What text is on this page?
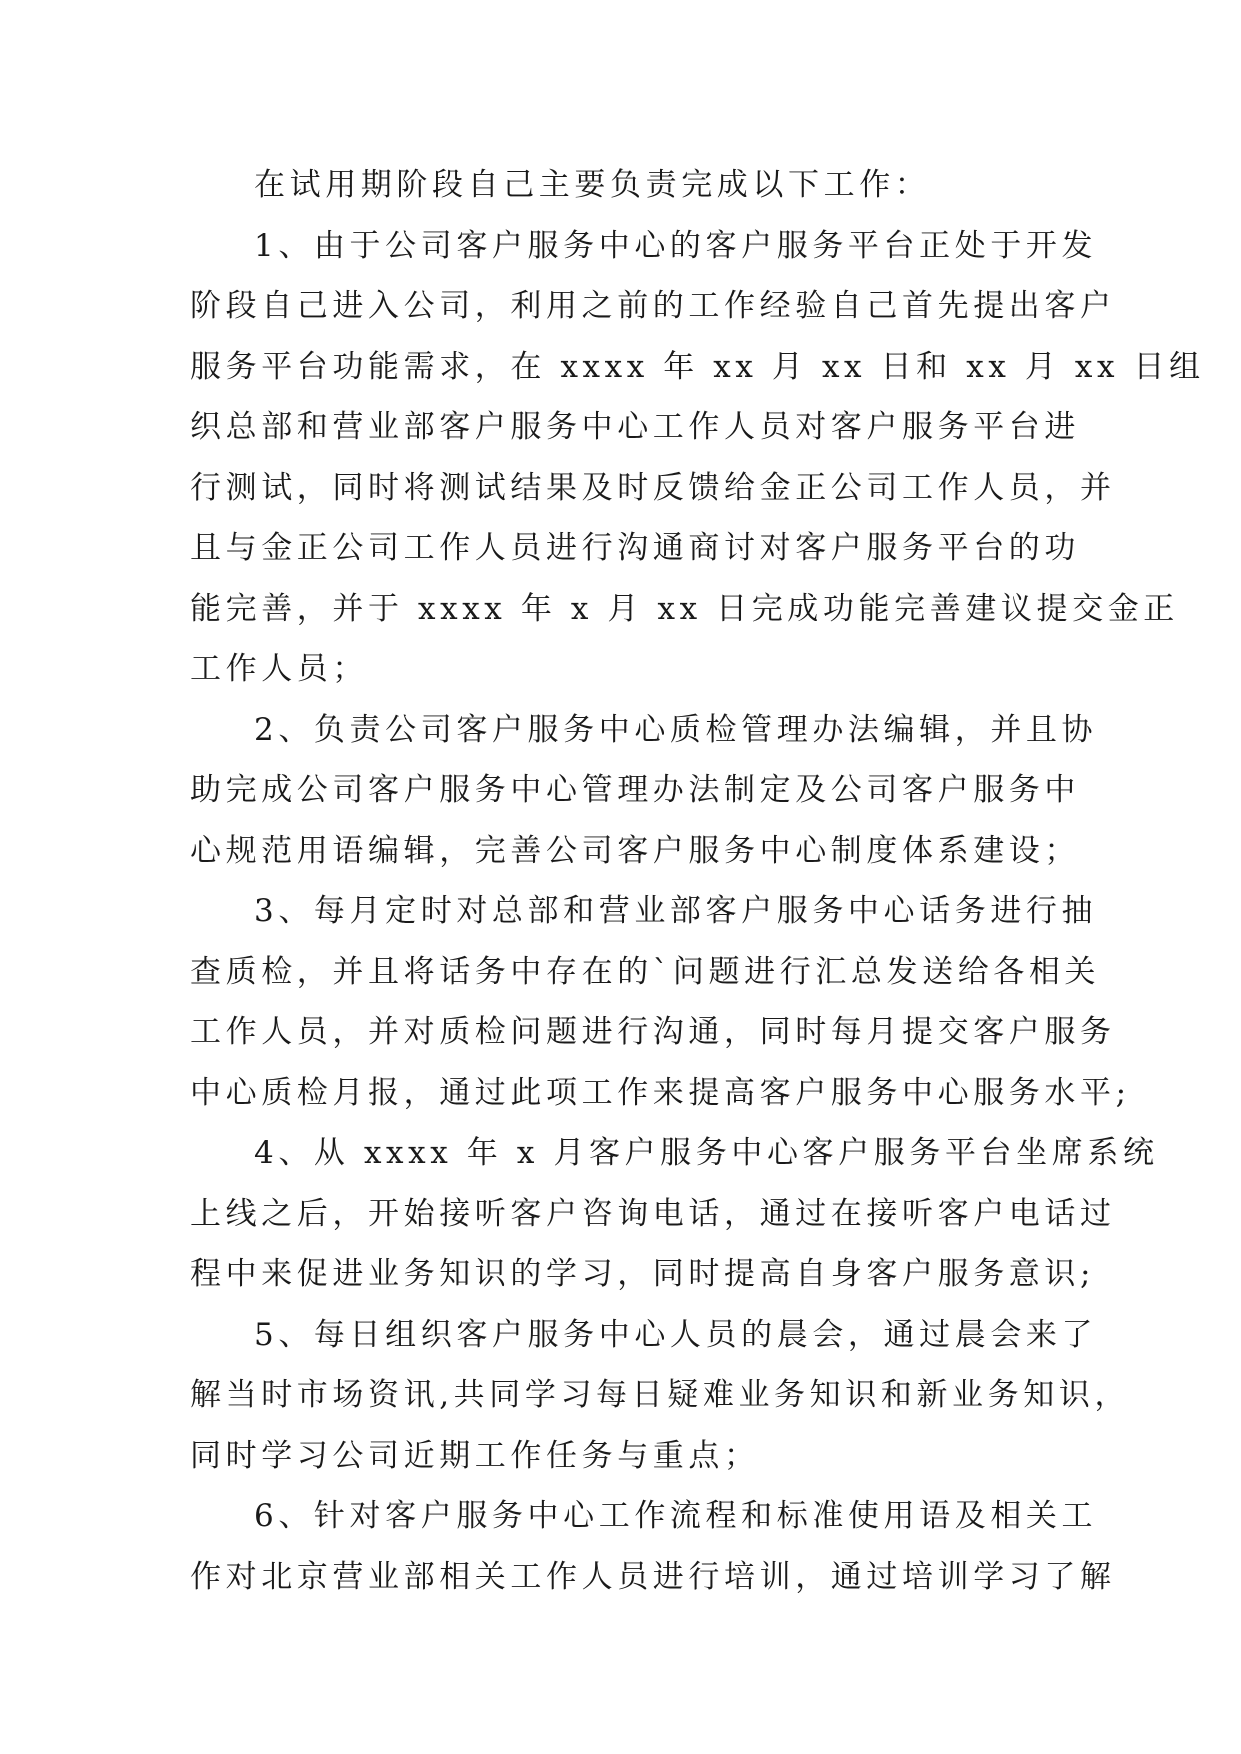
在试用期阶段自己主要负责完成以下工作：

1、由于公司客户服务中心的客户服务平台正处于开发
阶段自己进入公司，利用之前的工作经验自己首先提出客户
服务平台功能需求，在 xxxx 年 xx 月 xx 日和 xx 月 xx 日组
织总部和营业部客户服务中心工作人员对客户服务平台进
行测试，同时将测试结果及时反馈给金正公司工作人员，并
且与金正公司工作人员进行沟通商讨对客户服务平台的功
能完善，并于 xxxx 年 x 月 xx 日完成功能完善建议提交金正
工作人员；

2、负责公司客户服务中心质检管理办法编辑，并且协
助完成公司客户服务中心管理办法制定及公司客户服务中
心规范用语编辑，完善公司客户服务中心制度体系建设；

3、每月定时对总部和营业部客户服务中心话务进行抽
查质检，并且将话务中存在的`问题进行汇总发送给各相关
工作人员，并对质检问题进行沟通，同时每月提交客户服务
中心质检月报，通过此项工作来提高客户服务中心服务水平;

4、从 xxxx 年 x 月客户服务中心客户服务平台坐席系统
上线之后，开始接听客户咨询电话，通过在接听客户电话过
程中来促进业务知识的学习，同时提高自身客户服务意识;

5、每日组织客户服务中心人员的晨会，通过晨会来了
解当时市场资讯,共同学习每日疑难业务知识和新业务知识，
同时学习公司近期工作任务与重点；

6、针对客户服务中心工作流程和标准使用语及相关工
作对北京营业部相关工作人员进行培训，通过培训学习了解
